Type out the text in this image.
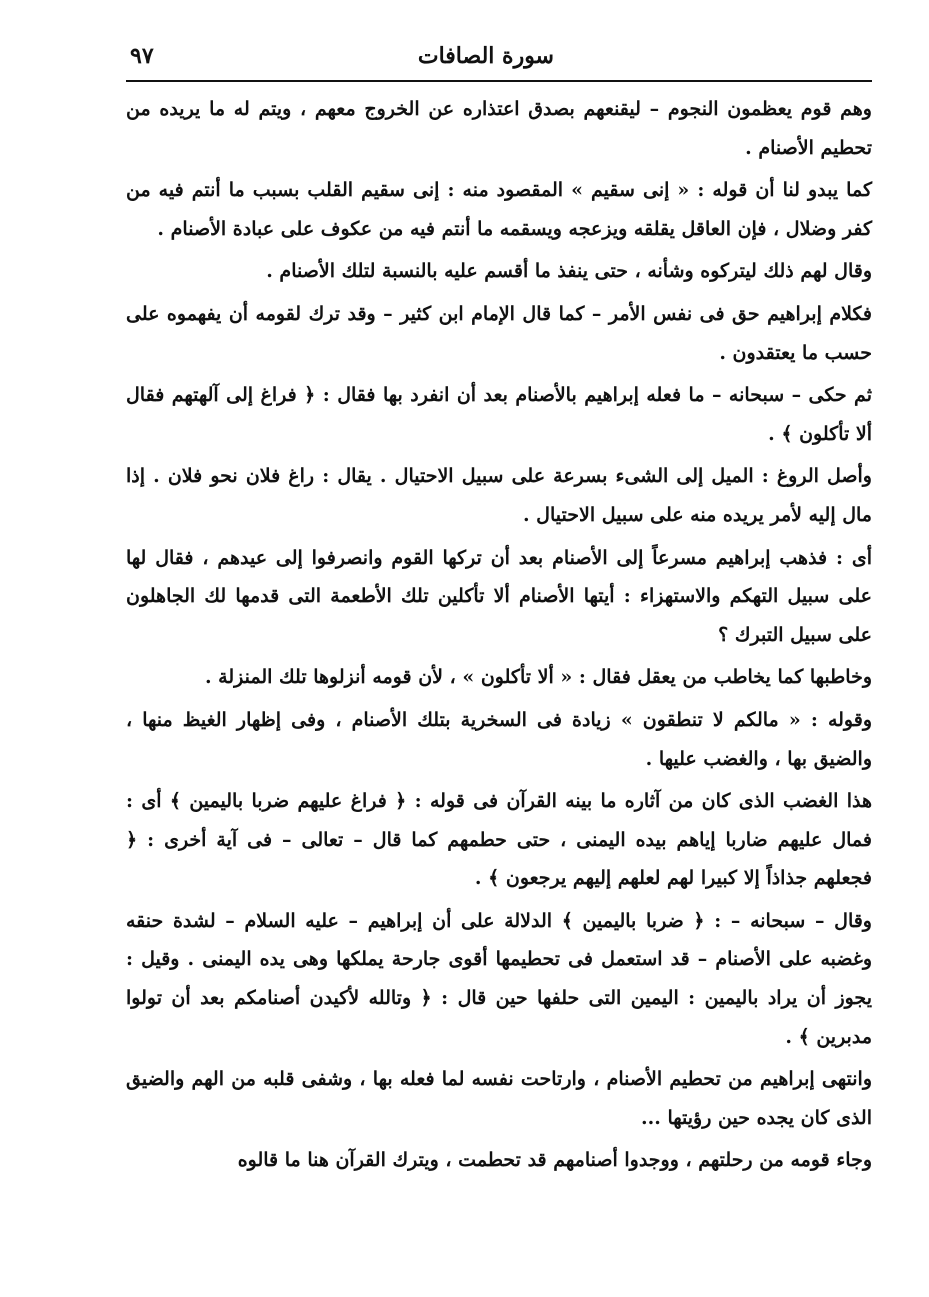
سورة الصافات
٩٧

وهم قوم يعظمون النجوم – ليقنعهم بصدق اعتذاره عن الخروج معهم ، ويتم له ما يريده من تحطيم الأصنام .

كما يبدو لنا أن قوله : « إنى سقيم » المقصود منه : إنى سقيم القلب بسبب ما أنتم فيه من كفر وضلال ، فإن العاقل يقلقه ويزعجه ويسقمه ما أنتم فيه من عكوف على عبادة الأصنام .

وقال لهم ذلك ليتركوه وشأنه ، حتى ينفذ ما أقسم عليه بالنسبة لتلك الأصنام .

فكلام إبراهيم حق فى نفس الأمر – كما قال الإمام ابن كثير – وقد ترك لقومه أن يفهموه على حسب ما يعتقدون .

ثم حكى – سبحانه – ما فعله إبراهيم بالأصنام بعد أن انفرد بها فقال : ﴿ فراغ إلى آلهتهم فقال ألا تأكلون ﴾ .

وأصل الروغ : الميل إلى الشىء بسرعة على سبيل الاحتيال . يقال : راغ فلان نحو فلان . إذا مال إليه لأمر يريده منه على سبيل الاحتيال .

أى : فذهب إبراهيم مسرعاً إلى الأصنام بعد أن تركها القوم وانصرفوا إلى عيدهم ، فقال لها على سبيل التهكم والاستهزاء : أيتها الأصنام ألا تأكلين تلك الأطعمة التى قدمها لك الجاهلون على سبيل التبرك ؟

وخاطبها كما يخاطب من يعقل فقال : « ألا تأكلون » ، لأن قومه أنزلوها تلك المنزلة .

وقوله : « مالكم لا تنطقون » زيادة فى السخرية بتلك الأصنام ، وفى إظهار الغيظ منها ، والضيق بها ، والغضب عليها .

هذا الغضب الذى كان من آثاره ما بينه القرآن فى قوله : ﴿ فراغ عليهم ضربا باليمين ﴾ أى : فمال عليهم ضاربا إياهم بيده اليمنى ، حتى حطمهم كما قال – تعالى – فى آية أخرى : ﴿ فجعلهم جذاذاً إلا كبيرا لهم لعلهم إليهم يرجعون ﴾ .

وقال – سبحانه – : ﴿ ضربا باليمين ﴾ الدلالة على أن إبراهيم – عليه السلام – لشدة حنقه وغضبه على الأصنام – قد استعمل فى تحطيمها أقوى جارحة يملكها وهى يده اليمنى . وقيل : يجوز أن يراد باليمين : اليمين التى حلفها حين قال : ﴿ وتالله لأكيدن أصنامكم بعد أن تولوا مدبرين ﴾ .

وانتهى إبراهيم من تحطيم الأصنام ، وارتاحت نفسه لما فعله بها ، وشفى قلبه من الهم والضيق الذى كان يجده حين رؤيتها ...

وجاء قومه من رحلتهم ، ووجدوا أصنامهم قد تحطمت ، ويترك القرآن هنا ما قالوه
